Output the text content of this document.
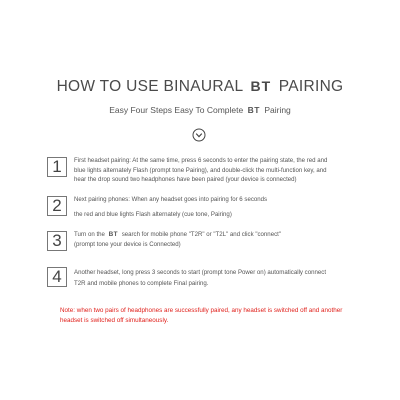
HOW TO USE BINAURAL BT PAIRING
Easy Four Steps Easy To Complete BT Pairing
1	First headset pairing: At the same time, press 6 seconds to enter the pairing state, the red and blue lights alternately Flash (prompt tone Pairing), and double-click the multi-function key, and hear the drop sound two headphones have been paired (your device is connected)
2	Next pairing phones: When any headset goes into pairing for 6 seconds
the red and blue lights Flash alternately (cue tone, Pairing)
3	Turn on the BT search for mobile phone "T2R" or "T2L" and click "connect"
(prompt tone your device is Connected)
4	Another headset, long press 3 seconds to start (prompt tone Power on) automatically connect T2R and mobile phones to complete Final pairing.
Note: when two pairs of headphones are successfully paired, any headset is switched off and another headset is switched off simultaneously.
